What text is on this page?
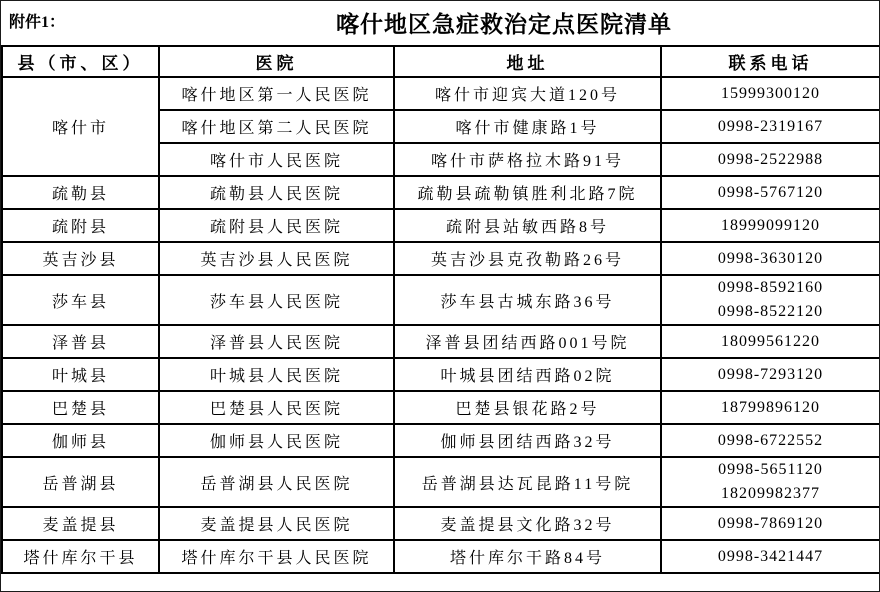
附件1：	喀什地区急症救治定点医院清单
县（市、区）	医院	地址	联系电话
喀什市	喀什地区第一人民医院	喀什市迎宾大道120号	15999300120

	喀什地区第二人民医院	喀什市健康路1号	0998-2319167

	喀什市人民医院	喀什市萨格拉木路91号	0998-2522988

疏勒县	疏勒县人民医院	疏勒县疏勒镇胜利北路7院	0998-5767120

疏附县	疏附县人民医院	疏附县站敏西路8号	18999099120

英吉沙县	英吉沙县人民医院	英吉沙县克孜勒路26号	0998-3630120

莎车县	莎车县人民医院	莎车县古城东路36号	0998-8592160
0998-8522120

泽普县	泽普县人民医院	泽普县团结西路001号院	18099561220

叶城县	叶城县人民医院	叶城县团结西路02院	0998-7293120

巴楚县	巴楚县人民医院	巴楚县银花路2号	18799896120

伽师县	伽师县人民医院	伽师县团结西路32号	0998-6722552

岳普湖县	岳普湖县人民医院	岳普湖县达瓦昆路11号院	0998-5651120
18209982377

麦盖提县	麦盖提县人民医院	麦盖提县文化路32号	0998-7869120

塔什库尔干县	塔什库尔干县人民医院	塔什库尔干路84号	0998-3421447
